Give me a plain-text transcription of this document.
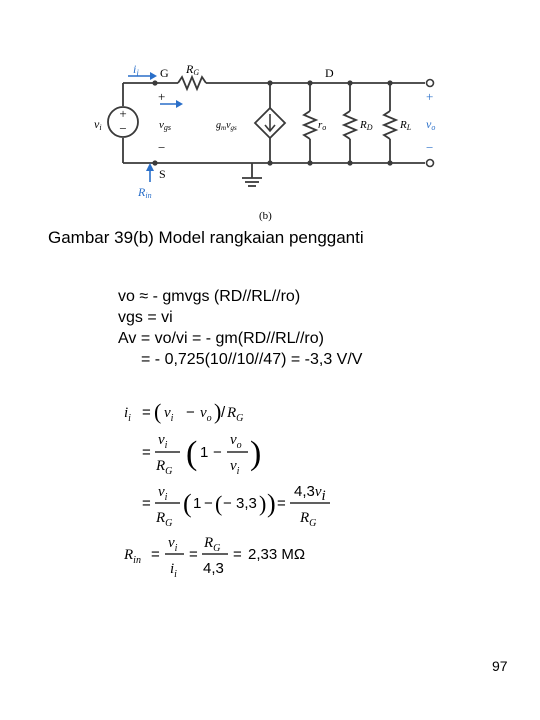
+
−
$i_i$ G RG	D
vi
+
vgs
−
S
Rin
$g_mv_{gs}$	ro	RD RL
+
vo
−
(b)
Gambar 39(b) Model rangkaian pengganti
vo ≈ - gmvgs (RD//RL//ro)
vgs = vi
Av = vo/vi = - gm(RD//RL//ro)
= - 0,725(10//10//47) = -3,3 V/V
$i_i$ = ( $v_i - v_o$ ) / $R_G$
=
$v_i$
$R_G$ ( 1 −
$v_o$
$v_i$ )
=
$v_i$
$R_G$
( 1 − ( − 3,3 ) ) =
4,3vi
$R_G$
$R_{in}$ =
$v_i$
$i_i$
=
$R_G$
4,3
= 2,33 MΩ
97
